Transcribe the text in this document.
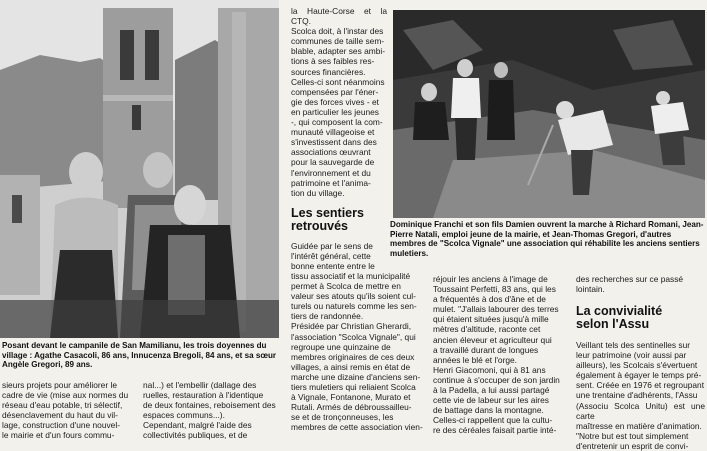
Posant devant le campanile de San Mamilianu, les trois doyennes du village : Agathe Casacoli, 86 ans, Innucenza Bregoli, 84 ans, et sa sœur Angèle Gregori, 89 ans.
sieurs projets pour améliorer le
cadre de vie (mise aux normes du
réseau d'eau potable, tri sélectif,
désenclavement du haut du vil-
lage, construction d'une nouvel-
le mairie et d'un fours commu-
nal...) et l'embellir (dallage des
ruelles, restauration à l'identique
de deux fontaines, reboisement des
espaces communs...).
Cependant, malgré l'aide des
collectivités publiques, et de
la Haute-Corse et la CTQ.
Scolca doit, à l'instar des
communes de taille sem-
blable, adapter ses ambi-
tions à ses faibles res-
sources financières.
Celles-ci sont néanmoins
compensées par l'éner-
gie des forces vives - et
en particulier les jeunes
-, qui composent la com-
munauté villageoise et
s'investissent dans des
associations œuvrant
pour la sauvegarde de
l'environnement et du
patrimoine et l'anima-
tion du village.
Les sentiers
retrouvés
Guidée par le sens de
l'intérêt général, cette
bonne entente entre le
tissu associatif et la municipalité
permet à Scolca de mettre en
valeur ses atouts qu'ils soient cul-
turels ou naturels comme les sen-
tiers de randonnée.
Présidée par Christian Gherardi,
l'association "Scolca Vignale", qui
regroupe une quinzaine de
membres originaires de ces deux
villages, a ainsi remis en état de
marche une dizaine d'anciens sen-
tiers muletiers qui reliaient Scolca
à Vignale, Fontanone, Murato et
Rutali. Armés de débroussailleu-
se et de tronçonneuses, les
membres de cette association vien-
Dominique Franchi et son fils Damien ouvrent la marche à Richard Romani, Jean-Pierre Natali, emploi jeune de la mairie, et Jean-Thomas Gregori, d'autres membres de "Scolca Vignale" une association qui réhabilite les anciens sentiers muletiers.
réjouir les anciens à l'image de
Toussaint Perfetti, 83 ans, qui les
a fréquentés à dos d'âne et de
mulet. "J'allais labourer des terres
qui étaient situées jusqu'à mille
mètres d'altitude, raconte cet
ancien éleveur et agriculteur qui
a travaillé durant de longues
années le blé et l'orge.
Henri Giacomoni, qui à 81 ans
continue à s'occuper de son jardin
à la Padella, a lui aussi partagé
cette vie de labeur sur les aires
de battage dans la montagne.
Celles-ci rappellent que la cultu-
re des céréales faisait partie inté-
des recherches sur ce passé
lointain.
La convivialité
selon l'Assu
Veillant tels des sentinelles sur
leur patrimoine (voir aussi par
ailleurs), les Scolcais s'évertuent
également à égayer le temps pré-
sent. Créée en 1976 et regroupant
une trentaine d'adhérents, l'Assu
(Associu Scolca Unitu) est une carte
maîtresse en matière d'animation.
"Notre but est tout simplement
d'entretenir un esprit de convi-
